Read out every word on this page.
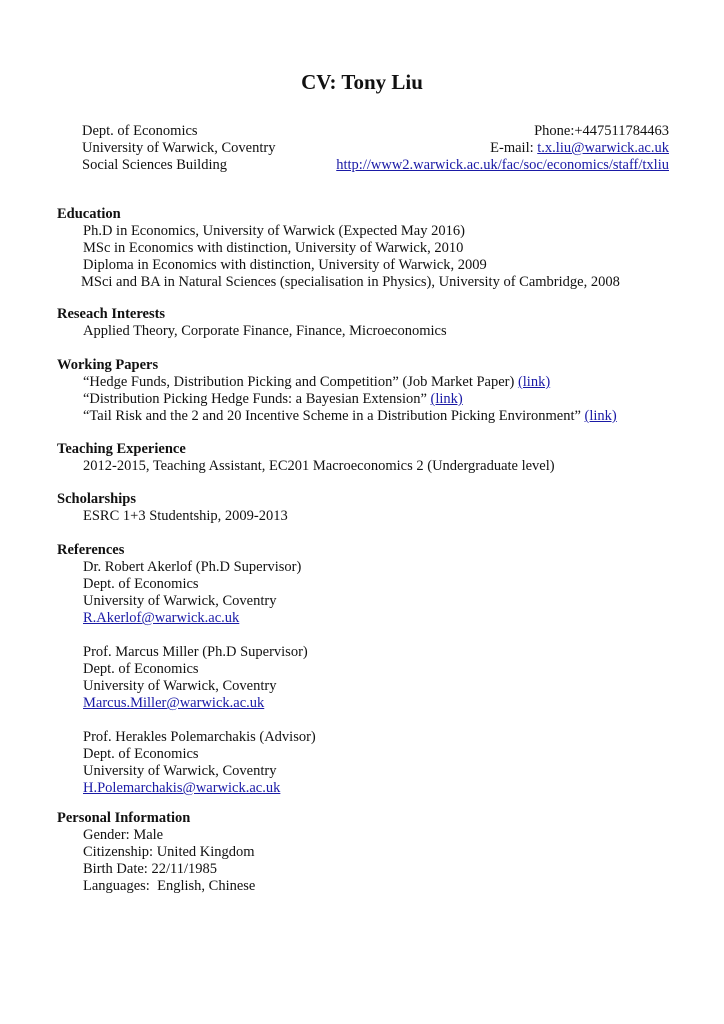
CV: Tony Liu
Dept. of Economics	Phone:+447511784463
University of Warwick, Coventry	E-mail: t.x.liu@warwick.ac.uk
Social Sciences Building	http://www2.warwick.ac.uk/fac/soc/economics/staff/txliu
Education
Ph.D in Economics, University of Warwick (Expected May 2016)
MSc in Economics with distinction, University of Warwick, 2010
Diploma in Economics with distinction, University of Warwick, 2009
MSci and BA in Natural Sciences (specialisation in Physics), University of Cambridge, 2008
Reseach Interests
Applied Theory, Corporate Finance, Finance, Microeconomics
Working Papers
“Hedge Funds, Distribution Picking and Competition” (Job Market Paper) (link)
“Distribution Picking Hedge Funds: a Bayesian Extension” (link)
“Tail Risk and the 2 and 20 Incentive Scheme in a Distribution Picking Environment” (link)
Teaching Experience
2012-2015, Teaching Assistant, EC201 Macroeconomics 2 (Undergraduate level)
Scholarships
ESRC 1+3 Studentship, 2009-2013
References
Dr. Robert Akerlof (Ph.D Supervisor)
Dept. of Economics
University of Warwick, Coventry
R.Akerlof@warwick.ac.uk
Prof. Marcus Miller (Ph.D Supervisor)
Dept. of Economics
University of Warwick, Coventry
Marcus.Miller@warwick.ac.uk
Prof. Herakles Polemarchakis (Advisor)
Dept. of Economics
University of Warwick, Coventry
H.Polemarchakis@warwick.ac.uk
Personal Information
Gender: Male
Citizenship: United Kingdom
Birth Date: 22/11/1985
Languages:  English, Chinese
